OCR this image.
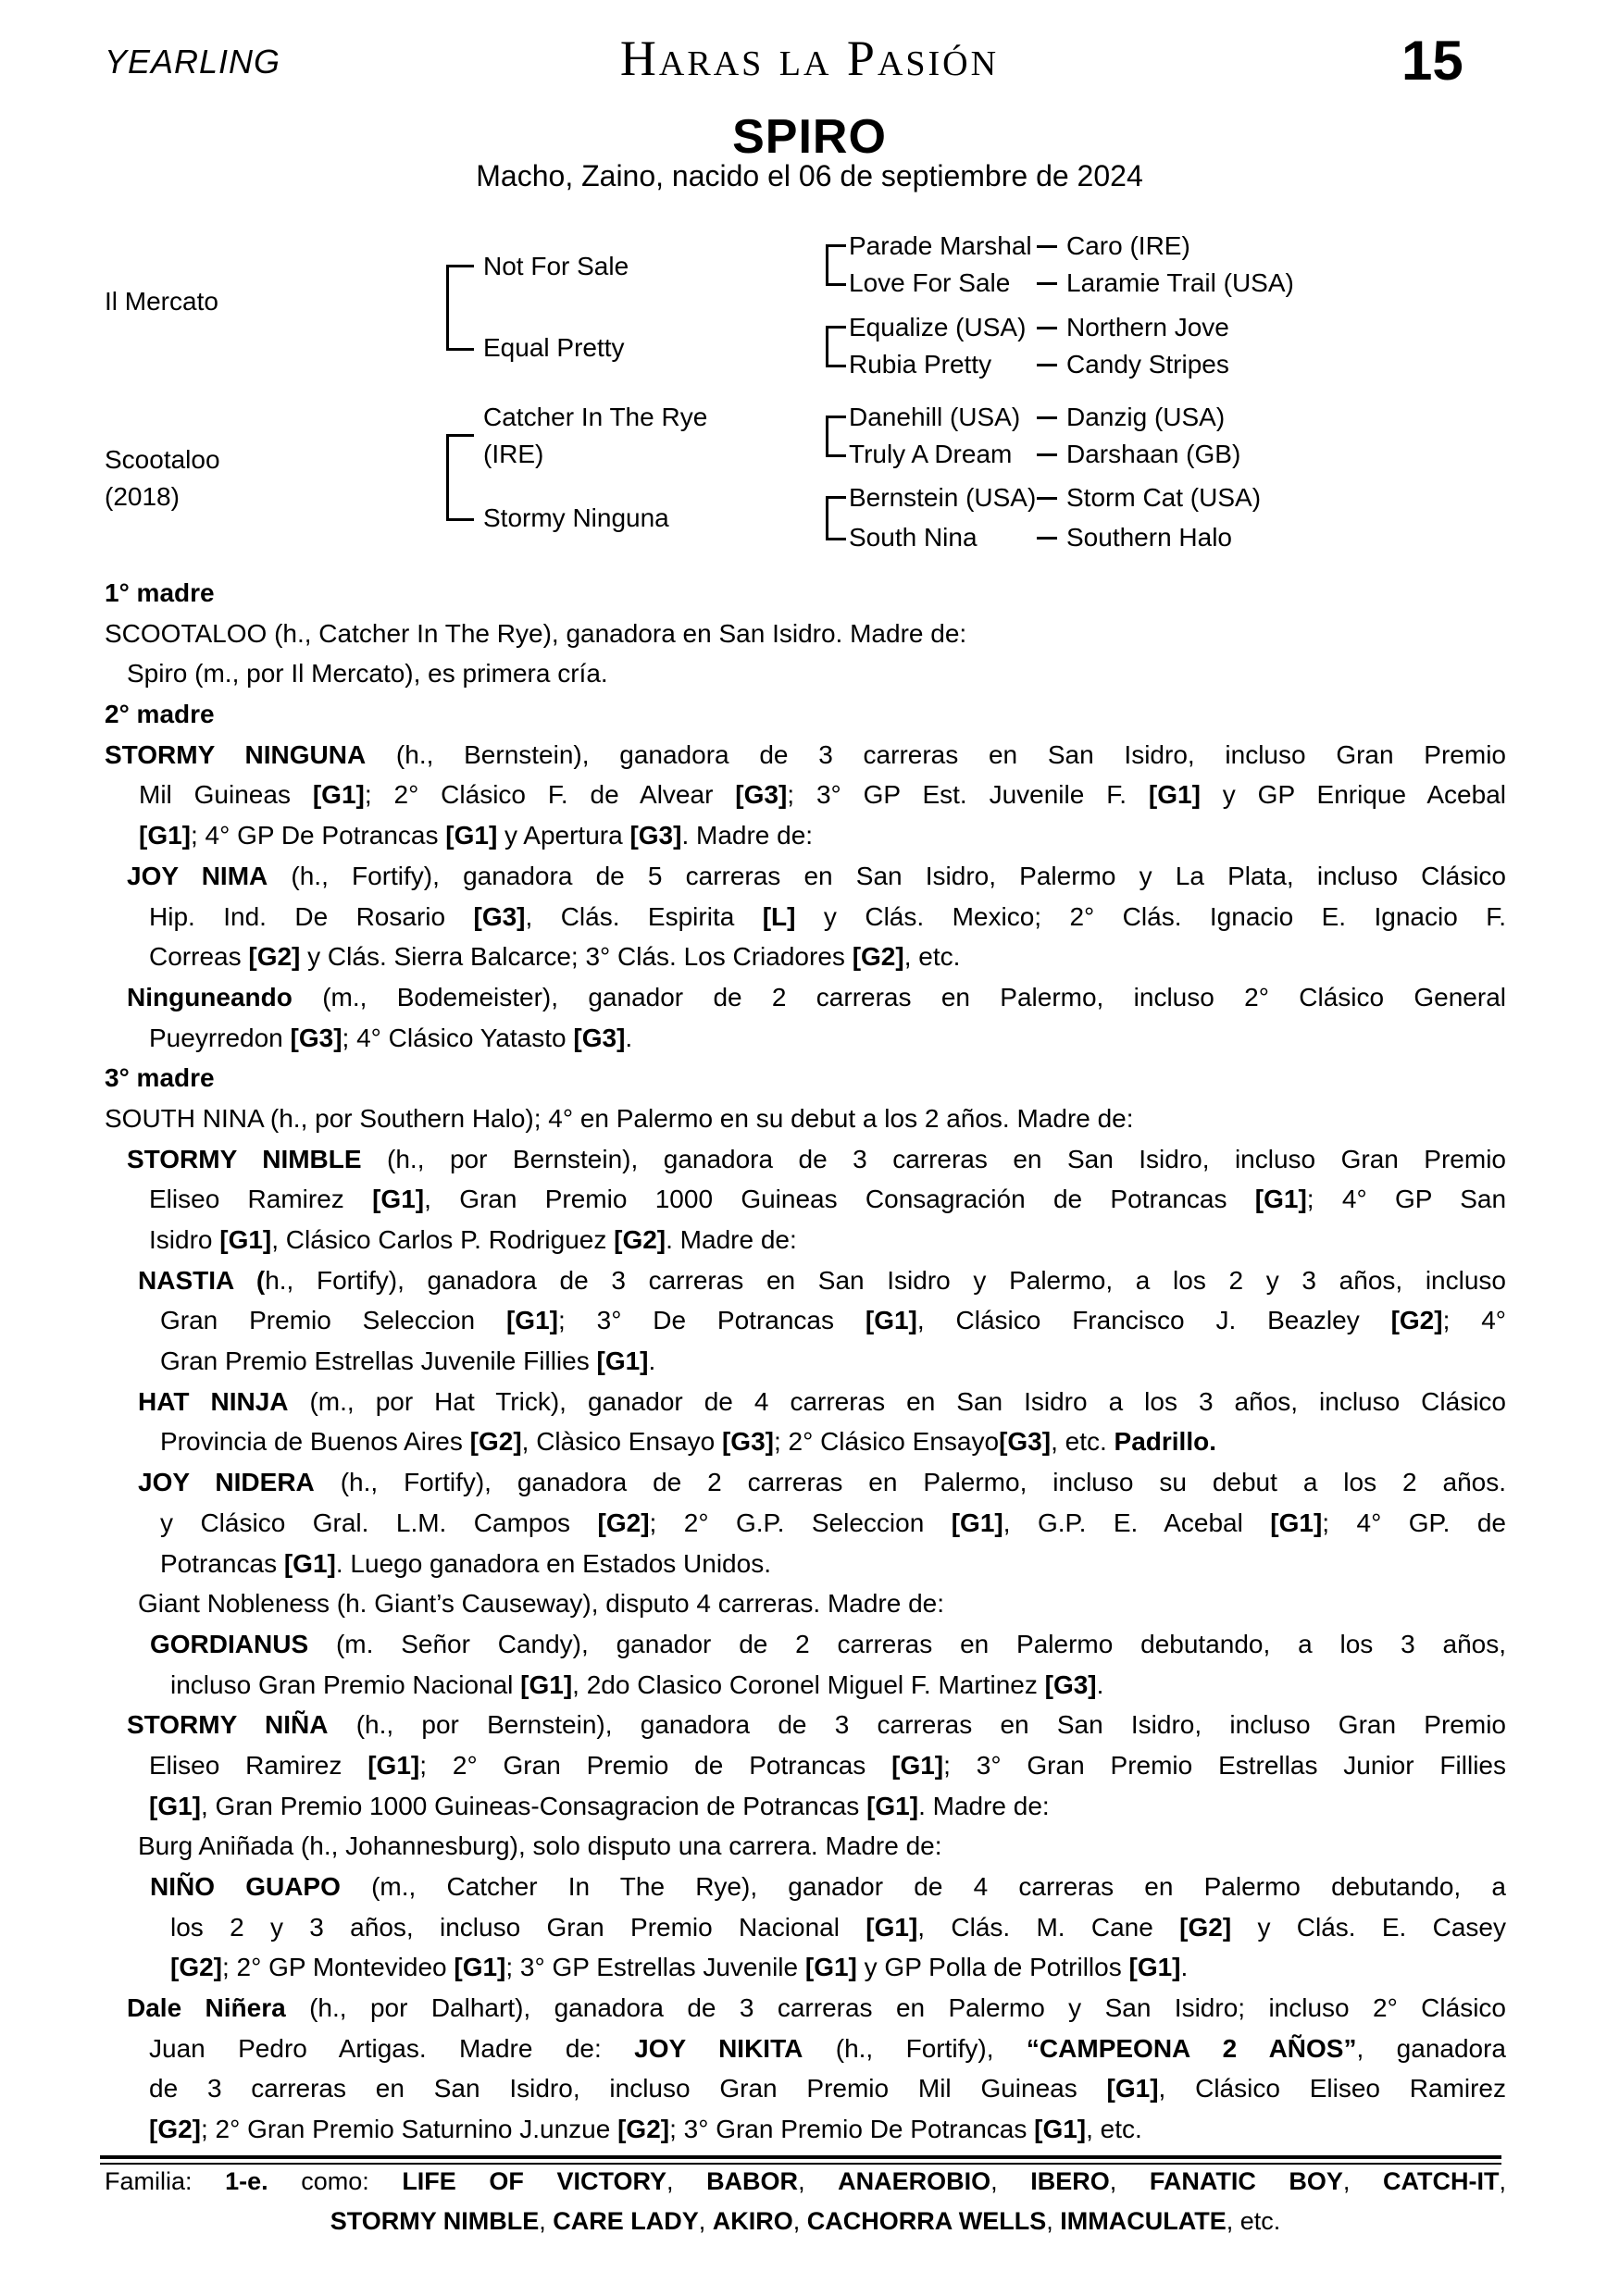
YEARLING	Haras la Pasión	15
SPIRO
Macho, Zaino, nacido el 06 de septiembre de 2024
Il Mercato
Scootaloo
(2018)
Not For Sale
Equal Pretty
Catcher In The Rye
(IRE)
Stormy Ninguna
Parade Marshal
Love For Sale
Equalize (USA)
Rubia Pretty
Danehill (USA)
Truly A Dream
Bernstein (USA)
South Nina
Caro (IRE)
Laramie Trail (USA)
Northern Jove
Candy Stripes
Danzig (USA)
Darshaan (GB)
Storm Cat (USA)
Southern Halo
1° madre
SCOOTALOO (h., Catcher In The Rye), ganadora en San Isidro. Madre de:
Spiro (m., por Il Mercato), es primera cría.
2° madre
STORMY NINGUNA (h., Bernstein), ganadora de 3 carreras en San Isidro, incluso Gran Premio
Mil Guineas [G1]; 2° Clásico F. de Alvear [G3]; 3° GP Est. Juvenile F. [G1] y GP Enrique Acebal
[G1]; 4° GP De Potrancas [G1] y Apertura [G3]. Madre de:
JOY NIMA (h., Fortify), ganadora de 5 carreras en San Isidro, Palermo y La Plata, incluso Clásico
Hip. Ind. De Rosario [G3], Clás. Espirita [L] y Clás. Mexico; 2° Clás. Ignacio E. Ignacio F.
Correas [G2] y Clás. Sierra Balcarce; 3° Clás. Los Criadores [G2], etc.
Ninguneando (m., Bodemeister), ganador de 2 carreras en Palermo, incluso 2° Clásico General
Pueyrredon [G3]; 4° Clásico Yatasto [G3].
3° madre
SOUTH NINA (h., por Southern Halo); 4° en Palermo en su debut a los 2 años. Madre de:
STORMY NIMBLE (h., por Bernstein), ganadora de 3 carreras en San Isidro, incluso Gran Premio
Eliseo Ramirez [G1], Gran Premio 1000 Guineas Consagración de Potrancas [G1]; 4° GP San
Isidro [G1], Clásico Carlos P. Rodriguez [G2]. Madre de:
NASTIA (h., Fortify), ganadora de 3 carreras en San Isidro y Palermo, a los 2 y 3 años, incluso
Gran Premio Seleccion [G1]; 3° De Potrancas [G1], Clásico Francisco J. Beazley [G2]; 4°
Gran Premio Estrellas Juvenile Fillies [G1].
HAT NINJA (m., por Hat Trick), ganador de 4 carreras en San Isidro a los 3 años, incluso Clásico
Provincia de Buenos Aires [G2], Clàsico Ensayo [G3]; 2° Clásico Ensayo[G3], etc. Padrillo.
JOY NIDERA (h., Fortify), ganadora de 2 carreras en Palermo, incluso su debut a los 2 años.
y Clásico Gral. L.M. Campos [G2]; 2° G.P. Seleccion [G1], G.P. E. Acebal [G1]; 4° GP. de
Potrancas [G1]. Luego ganadora en Estados Unidos.
Giant Nobleness (h. Giant’s Causeway), disputo 4 carreras. Madre de:
GORDIANUS (m. Señor Candy), ganador de 2 carreras en Palermo debutando, a los 3 años,
incluso Gran Premio Nacional [G1], 2do Clasico Coronel Miguel F. Martinez [G3].
STORMY NIÑA (h., por Bernstein), ganadora de 3 carreras en San Isidro, incluso Gran Premio
Eliseo Ramirez [G1]; 2° Gran Premio de Potrancas [G1]; 3° Gran Premio Estrellas Junior Fillies
[G1], Gran Premio 1000 Guineas-Consagracion de Potrancas [G1]. Madre de:
Burg Aniñada (h., Johannesburg), solo disputo una carrera. Madre de:
NIÑO GUAPO (m., Catcher In The Rye), ganador de 4 carreras en Palermo debutando, a
los 2 y 3 años, incluso Gran Premio Nacional [G1], Clás. M. Cane [G2] y Clás. E. Casey
[G2]; 2° GP Montevideo [G1]; 3° GP Estrellas Juvenile [G1] y GP Polla de Potrillos [G1].
Dale Niñera (h., por Dalhart), ganadora de 3 carreras en Palermo y San Isidro; incluso 2° Clásico
Juan Pedro Artigas. Madre de: JOY NIKITA (h., Fortify), “CAMPEONA 2 AÑOS”, ganadora
de 3 carreras en San Isidro, incluso Gran Premio Mil Guineas [G1], Clásico Eliseo Ramirez
[G2]; 2° Gran Premio Saturnino J.unzue [G2]; 3° Gran Premio De Potrancas [G1], etc.
Familia: 1-e. como: LIFE OF VICTORY, BABOR, ANAEROBIO, IBERO, FANATIC BOY, CATCH-IT,
STORMY NIMBLE, CARE LADY, AKIRO, CACHORRA WELLS, IMMACULATE, etc.
